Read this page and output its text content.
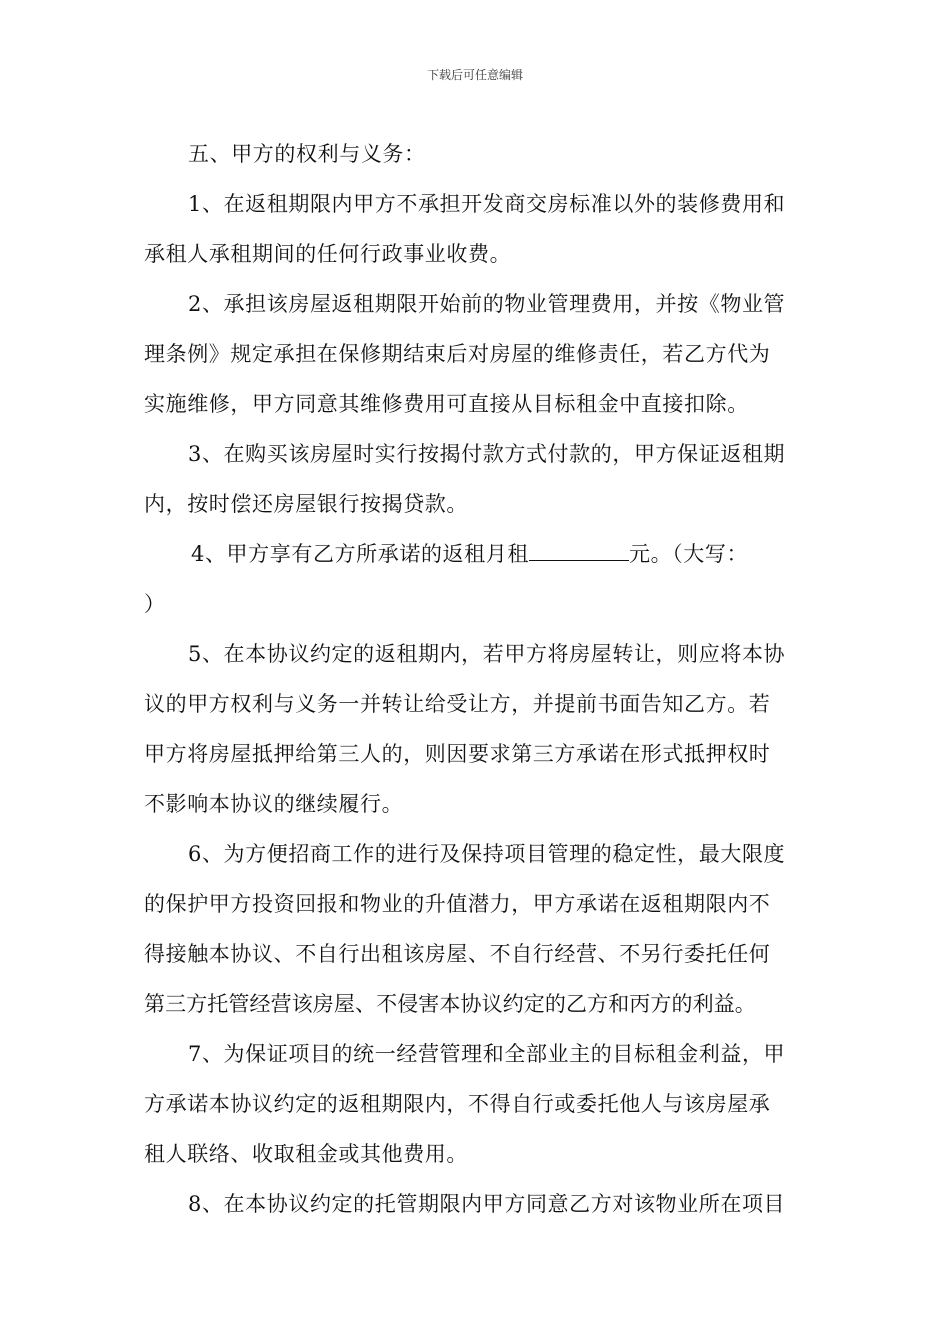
下载后可任意编辑
五、甲方的权利与义务：
1、在返租期限内甲方不承担开发商交房标准以外的装修费用和
承租人承租期间的任何行政事业收费。
2、承担该房屋返租期限开始前的物业管理费用，并按《物业管
理条例》规定承担在保修期结束后对房屋的维修责任，若乙方代为
实施维修，甲方同意其维修费用可直接从目标租金中直接扣除。
3、在购买该房屋时实行按揭付款方式付款的，甲方保证返租期
内，按时偿还房屋银行按揭贷款。
4、甲方享有乙方所承诺的返租月租	元。（大写：
）
5、在本协议约定的返租期内，若甲方将房屋转让，则应将本协
议的甲方权利与义务一并转让给受让方，并提前书面告知乙方。若
甲方将房屋抵押给第三人的，则因要求第三方承诺在形式抵押权时
不影响本协议的继续履行。
6、为方便招商工作的进行及保持项目管理的稳定性，最大限度
的保护甲方投资回报和物业的升值潜力，甲方承诺在返租期限内不
得接触本协议、不自行出租该房屋、不自行经营、不另行委托任何
第三方托管经营该房屋、不侵害本协议约定的乙方和丙方的利益。
7、为保证项目的统一经营管理和全部业主的目标租金利益，甲
方承诺本协议约定的返租期限内，不得自行或委托他人与该房屋承
租人联络、收取租金或其他费用。
8、在本协议约定的托管期限内甲方同意乙方对该物业所在项目
